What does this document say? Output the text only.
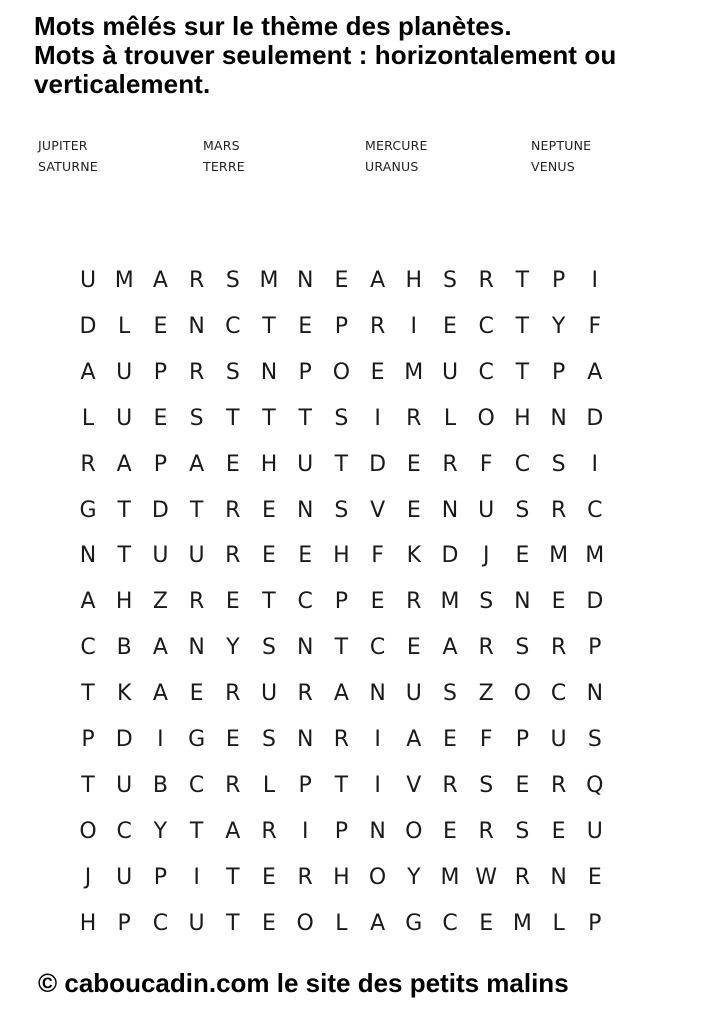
Mots mêlés sur le thème des planètes.
Mots à trouver seulement : horizontalement ou
verticalement.
JUPITER
SATURNE
MARS
TERRE
MERCURE
URANUS
NEPTUNE
VENUS
U M A R S M N E A H S R T	P	I
D L	E N C T	E	P R	I	E C T	Y	F
A U P R S N P O E M U C T	P	A
L	U E	S	T	T	T	S	I	R	L O H N D
R A	P	A E H U T D E R	F	C S	I
G T D T R E N S V E N U S R C
N T U U R E	E H F	K D	J	E M M
A H Z R E	T C P	E R M S N E D
C B A N Y	S N T C E A R S R P
T	K A E R U R A N U S Z O C N
P D	I	G E	S N R	I	A E	F	P U S
T U B C R	L	P	T	I	V R S	E R Q
O C Y	T A R	I	P N O E R S	E U
J	U P	I	T	E R H O Y M W R N E
H P C U T	E O L	A G C E M L	P
© caboucadin.com le site des petits malins
